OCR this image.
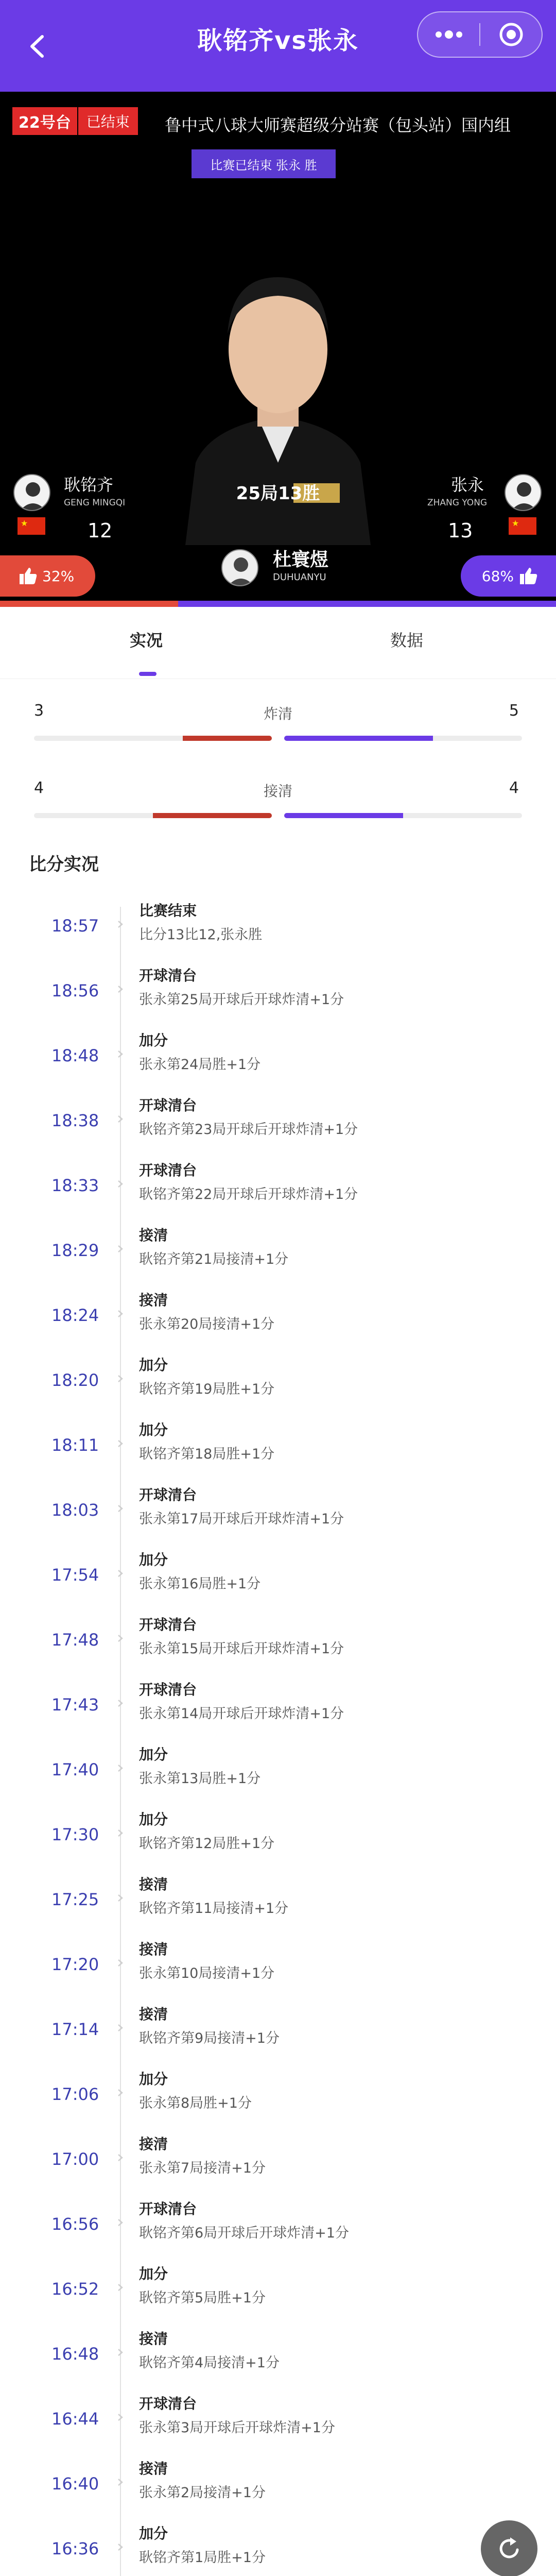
耿铭齐vs张永
22号台	已结束	鲁中式八球大师赛超级分站赛（包头站）国内组
比赛已结束 张永 胜
★
耿铭齐
GENG MINGQI
12
25局13胜
★
张永
ZHANG YONG
13
杜寰煜
DUHUANYU
32%	68%
实况	数据
3	炸清	5
4	接清	4
比分实况
18:57
比赛结束
比分13比12,张永胜
18:56
开球清台
张永第25局开球后开球炸清+1分
18:48
加分
张永第24局胜+1分
18:38
开球清台
耿铭齐第23局开球后开球炸清+1分
18:33
开球清台
耿铭齐第22局开球后开球炸清+1分
18:29
接清
耿铭齐第21局接清+1分
18:24
接清
张永第20局接清+1分
18:20
加分
耿铭齐第19局胜+1分
18:11
加分
耿铭齐第18局胜+1分
18:03
开球清台
张永第17局开球后开球炸清+1分
17:54
加分
张永第16局胜+1分
17:48
开球清台
张永第15局开球后开球炸清+1分
17:43
开球清台
张永第14局开球后开球炸清+1分
17:40
加分
张永第13局胜+1分
17:30
加分
耿铭齐第12局胜+1分
17:25
接清
耿铭齐第11局接清+1分
17:20
接清
张永第10局接清+1分
17:14
接清
耿铭齐第9局接清+1分
17:06
加分
张永第8局胜+1分
17:00
接清
张永第7局接清+1分
16:56
开球清台
耿铭齐第6局开球后开球炸清+1分
16:52
加分
耿铭齐第5局胜+1分
16:48
接清
耿铭齐第4局接清+1分
16:44
开球清台
张永第3局开球后开球炸清+1分
16:40
接清
张永第2局接清+1分
16:36
加分
耿铭齐第1局胜+1分
